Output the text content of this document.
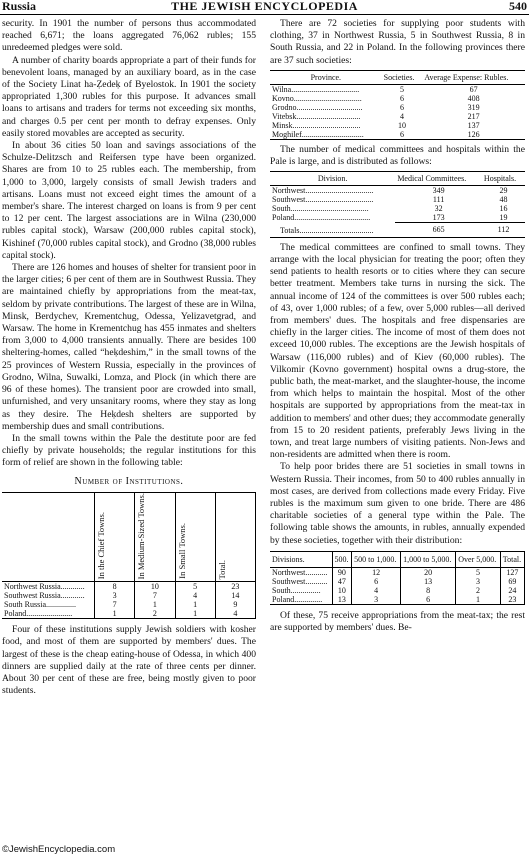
Russia	THE JEWISH ENCYCLOPEDIA	540

security. In 1901 the number of persons thus accommodated reached 6,671; the loans aggregated 76,062 rubles; 155 unredeemed pledges were sold.

A number of charity boards appropriate a part of their funds for benevolent loans, managed by an auxiliary board, as in the case of the Society Linat ha-Ẓedeḳ of Byelostok. In 1901 the society appropriated 1,300 rubles for this purpose. It advances small loans to artisans and traders for terms not exceeding six months, and charges 0.5 per cent per month to defray expenses. Only easily stored movables are accepted as security.

In about 36 cities 50 loan and savings associations of the Schulze-Delitzsch and Reifersen type have been organized. Shares are from 10 to 25 rubles each. The membership, from 1,000 to 3,000, largely consists of small Jewish traders and artisans. Loans must not exceed eight times the amount of a member's share. The interest charged on loans is from 9 per cent to 12 per cent. The largest associations are in Wilna (230,000 rubles capital stock), Warsaw (200,000 rubles capital stock), Kishinef (70,000 rubles capital stock), and Grodno (38,000 rubles capital stock).

There are 126 homes and houses of shelter for transient poor in the larger cities; 6 per cent of them are in Southwest Russia. They are maintained chiefly by appropriations from the meat-tax, seldom by private contributions. The largest of these are in Wilna, Minsk, Berdychev, Krementchug, Odessa, Yelizavetgrad, and Warsaw. The home in Krementchug has 455 inmates and shelters from 3,000 to 4,000 transients annually. There are besides 100 sheltering-homes, called “heḳdeshim,” in the small towns of the 25 provinces of Western Russia, especially in the provinces of Grodno, Wilna, Suwalki, Lomza, and Plock (in which there are 96 of these homes). The transient poor are crowded into small, unfurnished, and very unsanitary rooms, where they stay as long as they desire. The Heḳdesh shelters are supported by membership dues and small contributions.

In the small towns within the Pale the destitute poor are fed chiefly by private households; the regular institutions for this form of relief are shown in the following table:

Number of Institutions.
	In the Chief Towns.	In Medium-Sized Towns.	In Small Towns.	Total.
Northwest Russia............	8	10	5	23
Southwest Russia............	3	7	4	14
South Russia...............	7	1	1	9
Poland.......................	1	2	1	4

Four of these institutions supply Jewish soldiers with kosher food, and most of them are supported by members' dues. The largest of these is the cheap eating-house of Odessa, in which 400 dinners are supplied daily at the rate of three cents per dinner. About 30 per cent of these are free, being mostly given to poor students.

There are 72 societies for supplying poor students with clothing, 37 in Northwest Russia, 5 in Southwest Russia, 8 in South Russia, and 22 in Poland. In the following provinces there are 37 such societies:

Province.	Societies.	Average Expense: Rubles.
Wilna..................................	5	67
Kovno..................................	6	408
Grodno.................................	6	319
Vitebsk................................	4	217
Minsk..................................	10	137
Moghilef...............................	6	126

The number of medical committees and hospitals within the Pale is large, and is distributed as follows:

Division.	Medical Committees.	Hospitals.
Northwest..................................	349	29
Southwest..................................	111	48
South.......................................	32	16
Poland......................................	173	19
Totals.....................................	665	112

The medical committees are confined to small towns. They arrange with the local physician for treating the poor; often they send patients to health resorts or to cities where they can secure better treatment. Members take turns in nursing the sick. The annual income of 124 of the committees is over 500 rubles each; of 43, over 1,000 rubles; of a few, over 5,000 rubles—all derived from members' dues. The hospitals and free dispensaries are chiefly in the larger cities. The income of most of them does not exceed 10,000 rubles. The exceptions are the Jewish hospitals of Warsaw (116,000 rubles) and of Kiev (60,000 rubles). The Vilkomir (Kovno government) hospital owns a drug-store, the public bath, the meat-market, and the slaughter-house, the income from which helps to maintain the hospital. Most of the other hospitals are supported by appropriations from the meat-tax in addition to members' and other dues; they accommodate generally from 15 to 20 resident patients, preferably Jews living in the town, and treat large numbers of visiting patients. Non-Jews and non-residents are admitted when there is room.

To help poor brides there are 51 societies in small towns in Western Russia. Their incomes, from 50 to 400 rubles annually in most cases, are derived from collections made every Friday. Five rubles is the maximum sum given to one bride. There are 486 charitable societies of a general type within the Pale. The following table shows the amounts, in rubles, annually expended by these societies, together with their distribution:

Divisions.	500.	500 to 1,000.	1,000 to 5,000.	Over 5,000.	Total.
Northwest...........	90	12	20	5	127
Southwest...........	47	6	13	3	69
South...............	10	4	8	2	24
Poland..............	13	3	6	1	23

Of these, 75 receive appropriations from the meat-tax; the rest are supported by members' dues. Be-

©JewishEncyclopedia.com
